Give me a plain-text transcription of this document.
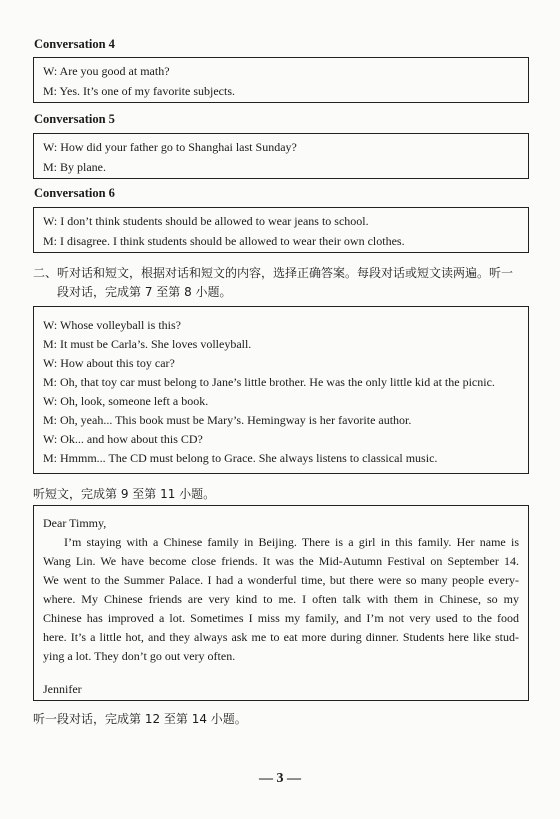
Conversation 4
W: Are you good at math?
M: Yes. It’s one of my favorite subjects.
Conversation 5
W: How did your father go to Shanghai last Sunday?
M: By plane.
Conversation 6
W: I don’t think students should be allowed to wear jeans to school.
M: I disagree. I think students should be allowed to wear their own clothes.
二、听对话和短文，根据对话和短文的内容，选择正确答案。每段对话或短文读两遍。听一
段对话，完成第 7 至第 8 小题。
W: Whose volleyball is this?
M: It must be Carla’s. She loves volleyball.
W: How about this toy car?
M: Oh, that toy car must belong to Jane’s little brother. He was the only little kid at the picnic.
W: Oh, look, someone left a book.
M: Oh, yeah... This book must be Mary’s. Hemingway is her favorite author.
W: Ok... and how about this CD?
M: Hmmm... The CD must belong to Grace. She always listens to classical music.
听短文，完成第 9 至第 11 小题。
Dear Timmy,
I’m staying with a Chinese family in Beijing. There is a girl in this family. Her name is
Wang Lin. We have become close friends. It was the Mid-Autumn Festival on September 14.
We went to the Summer Palace. I had a wonderful time, but there were so many people every-
where. My Chinese friends are very kind to me. I often talk with them in Chinese, so my
Chinese has improved a lot. Sometimes I miss my family, and I’m not very used to the food
here. It’s a little hot, and they always ask me to eat more during dinner. Students here like stud-
ying a lot. They don’t go out very often.
Jennifer
听一段对话，完成第 12 至第 14 小题。
— 3 —
